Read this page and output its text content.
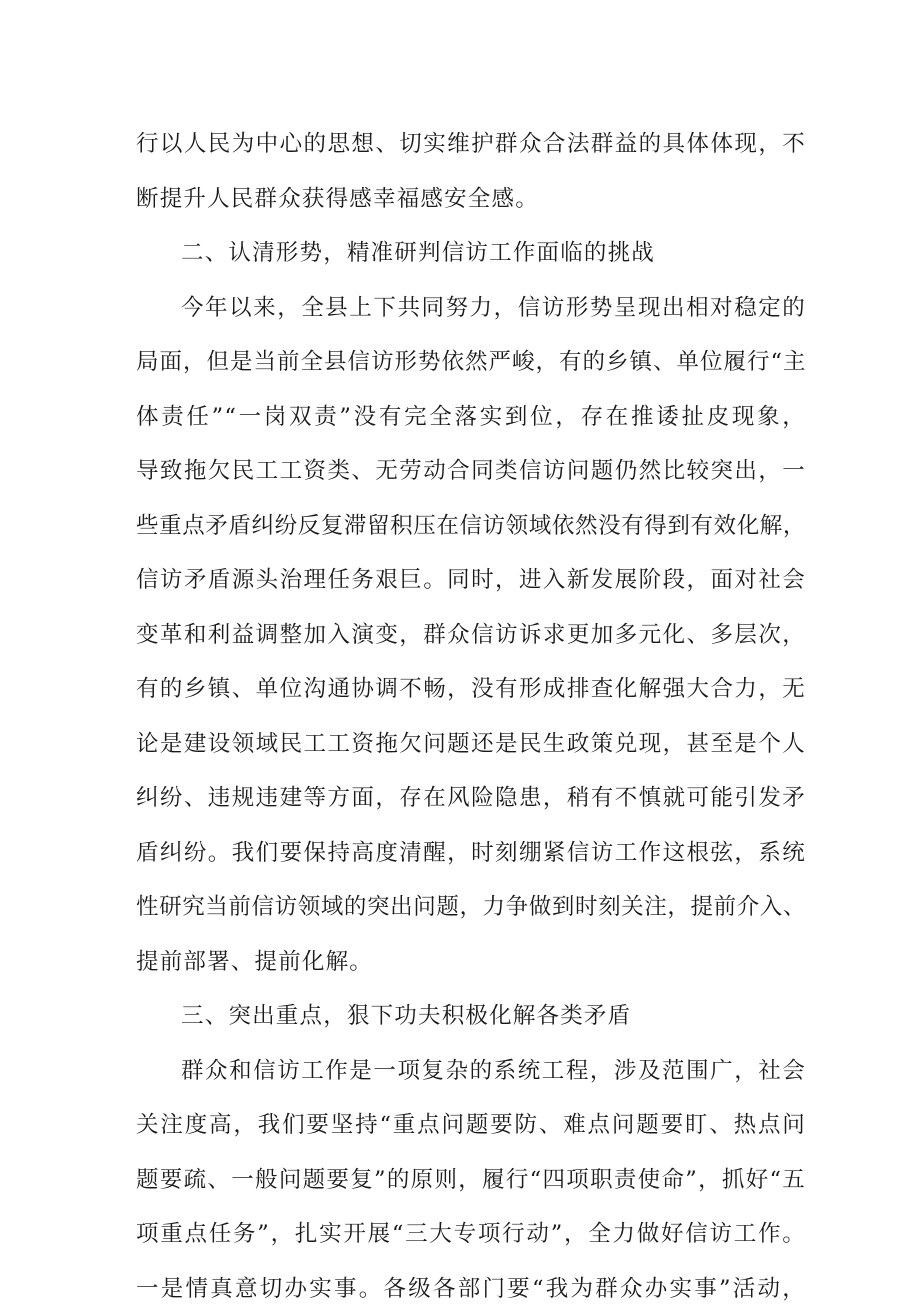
行以人民为中心的思想、切实维护群众合法群益的具体体现，不
断提升人民群众获得感幸福感安全感。
二、认清形势，精准研判信访工作面临的挑战
今年以来，全县上下共同努力，信访形势呈现出相对稳定的
局面，但是当前全县信访形势依然严峻，有的乡镇、单位履行“主
体责任”“一岗双责”没有完全落实到位，存在推诿扯皮现象，
导致拖欠民工工资类、无劳动合同类信访问题仍然比较突出，一
些重点矛盾纠纷反复滞留积压在信访领域依然没有得到有效化解，
信访矛盾源头治理任务艰巨。同时，进入新发展阶段，面对社会
变革和利益调整加入演变，群众信访诉求更加多元化、多层次，
有的乡镇、单位沟通协调不畅，没有形成排查化解强大合力，无
论是建设领域民工工资拖欠问题还是民生政策兑现，甚至是个人
纠纷、违规违建等方面，存在风险隐患，稍有不慎就可能引发矛
盾纠纷。我们要保持高度清醒，时刻绷紧信访工作这根弦，系统
性研究当前信访领域的突出问题，力争做到时刻关注，提前介入、
提前部署、提前化解。
三、突出重点，狠下功夫积极化解各类矛盾
群众和信访工作是一项复杂的系统工程，涉及范围广，社会
关注度高，我们要坚持“重点问题要防、难点问题要盯、热点问
题要疏、一般问题要复”的原则，履行“四项职责使命”，抓好“五
项重点任务”，扎实开展“三大专项行动”，全力做好信访工作。
一是情真意切办实事。各级各部门要“我为群众办实事”活动，
